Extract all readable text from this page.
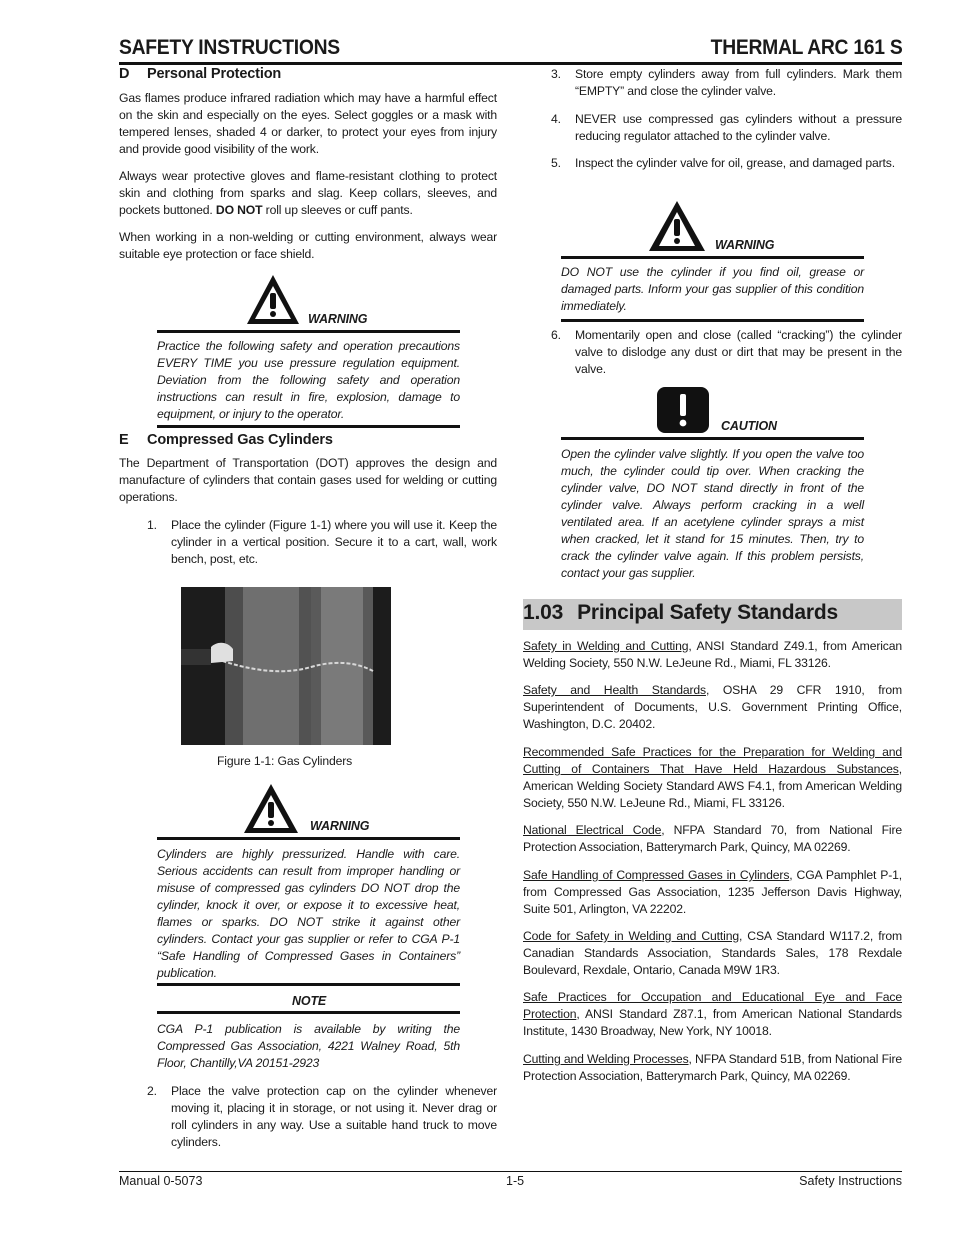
SAFETY INSTRUCTIONS	THERMAL ARC 161 S
D Personal Protection

Gas flames produce infrared radiation which may have a harmful effect on the skin and especially on the eyes. Select goggles or a mask with tempered lenses, shaded 4 or darker, to protect your eyes from injury and provide good visibility of the work.

Always wear protective gloves and flame-resistant clothing to protect skin and clothing from sparks and slag. Keep collars, sleeves, and pockets buttoned. DO NOT roll up sleeves or cuff pants.

When working in a non-welding or cutting environment, always wear suitable eye protection or face shield.

WARNING
Practice the following safety and operation precautions EVERY TIME you use pressure regulation equipment. Deviation from the following safety and operation instructions can result in fire, explosion, damage to equipment, or injury to the operator.
E Compressed Gas Cylinders

The Department of Transportation (DOT) approves the design and manufacture of cylinders that contain gases used for welding or cutting operations.

1. Place the cylinder (Figure 1-1) where you will use it. Keep the cylinder in a vertical position. Secure it to a cart, wall, work bench, post, etc.
Figure 1-1: Gas Cylinders
WARNING
Cylinders are highly pressurized. Handle with care. Serious accidents can result from improper handling or misuse of compressed gas cylinders DO NOT drop the cylinder, knock it over, or expose it to excessive heat, flames or sparks. DO NOT strike it against other cylinders. Contact your gas supplier or refer to CGA P-1 “Safe Handling of Compressed Gases in Containers” publication.
NOTE
CGA P-1 publication is available by writing the Compressed Gas Association, 4221 Walney Road, 5th Floor, Chantilly,VA 20151-2923
2. Place the valve protection cap on the cylinder whenever moving it, placing it in storage, or not using it. Never drag or roll cylinders in any way. Use a suitable hand truck to move cylinders.
3. Store empty cylinders away from full cylinders. Mark them “EMPTY” and close the cylinder valve.
4. NEVER use compressed gas cylinders without a pressure reducing regulator attached to the cylinder valve.
5. Inspect the cylinder valve for oil, grease, and damaged parts.
WARNING
DO NOT use the cylinder if you find oil, grease or damaged parts. Inform your gas supplier of this condition immediately.
6. Momentarily open and close (called “cracking”) the cylinder valve to dislodge any dust or dirt that may be present in the valve.
CAUTION
Open the cylinder valve slightly. If you open the valve too much, the cylinder could tip over. When cracking the cylinder valve, DO NOT stand directly in front of the cylinder valve. Always perform cracking in a well ventilated area. If an acetylene cylinder sprays a mist when cracked, let it stand for 15 minutes. Then, try to crack the cylinder valve again. If this problem persists, contact your gas supplier.
1.03 Principal Safety Standards

Safety in Welding and Cutting, ANSI Standard Z49.1, from American Welding Society, 550 N.W. LeJeune Rd., Miami, FL 33126.

Safety and Health Standards, OSHA 29 CFR 1910, from Superintendent of Documents, U.S. Government Printing Office, Washington, D.C. 20402.

Recommended Safe Practices for the Preparation for Welding and Cutting of Containers That Have Held Hazardous Substances, American Welding Society Standard AWS F4.1, from American Welding Society, 550 N.W. LeJeune Rd., Miami, FL 33126.

National Electrical Code, NFPA Standard 70, from National Fire Protection Association, Batterymarch Park, Quincy, MA 02269.

Safe Handling of Compressed Gases in Cylinders, CGA Pamphlet P-1, from Compressed Gas Association, 1235 Jefferson Davis Highway, Suite 501, Arlington, VA 22202.

Code for Safety in Welding and Cutting, CSA Standard W117.2, from Canadian Standards Association, Standards Sales, 178 Rexdale Boulevard, Rexdale, Ontario, Canada M9W 1R3.

Safe Practices for Occupation and Educational Eye and Face Protection, ANSI Standard Z87.1, from American National Standards Institute, 1430 Broadway, New York, NY 10018.

Cutting and Welding Processes, NFPA Standard 51B, from National Fire Protection Association, Batterymarch Park, Quincy, MA 02269.

Manual 0-5073	1-5	Safety Instructions
